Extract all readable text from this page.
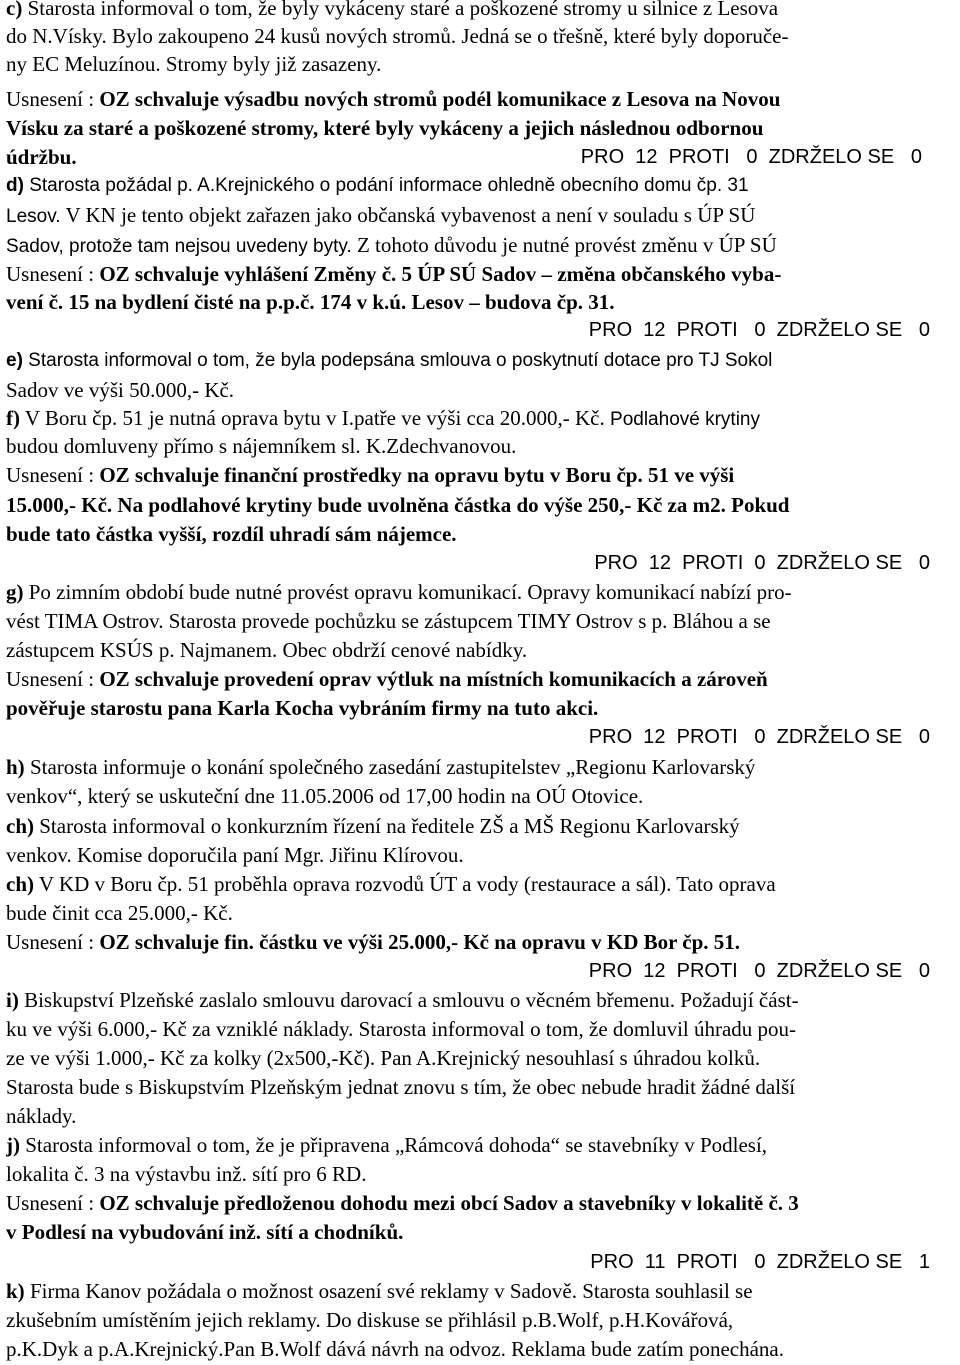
c) Starosta informoval o tom, že byly vykáceny staré a poškozené stromy u silnice z Lesova
do N.Vísky. Bylo zakoupeno 24 kusů nových stromů. Jedná se o třešně, které byly doporuče-
ny EC Meluzínou. Stromy byly již zasazeny.
Usnesení : OZ schvaluje výsadbu nových stromů podél komunikace z Lesova na Novou
Vísku za staré a poškozené stromy, které byly vykáceny a jejich následnou odbornou
údržbu.	PRO  12  PROTI   0  ZDRŽELO SE   0
d) Starosta požádal p. A.Krejnického o podání informace ohledně obecního domu čp. 31
Lesov. V KN je tento objekt zařazen jako občanská vybavenost a není v souladu s ÚP SÚ
Sadov, protože tam nejsou uvedeny byty. Z tohoto důvodu je nutné provést změnu v ÚP SÚ
Usnesení : OZ schvaluje vyhlášení Změny č. 5 ÚP SÚ Sadov – změna občanského vyba-
vení č. 15 na bydlení čisté na p.p.č. 174 v k.ú. Lesov – budova čp. 31.
PRO  12  PROTI   0  ZDRŽELO SE   0
e) Starosta informoval o tom, že byla podepsána smlouva o poskytnutí dotace pro TJ Sokol
Sadov ve výši 50.000,- Kč.
f) V Boru čp. 51 je nutná oprava bytu v I.patře ve výši cca 20.000,- Kč. Podlahové krytiny
budou domluveny přímo s nájemníkem sl. K.Zdechvanovou.
Usnesení : OZ schvaluje finanční prostředky na opravu bytu v Boru čp. 51 ve výši
15.000,- Kč. Na podlahové krytiny bude uvolněna částka do výše 250,- Kč za m2. Pokud
bude tato částka vyšší, rozdíl uhradí sám nájemce.
PRO  12  PROTI  0  ZDRŽELO SE   0
g) Po zimním období bude nutné provést opravu komunikací. Opravy komunikací nabízí pro-
vést TIMA Ostrov. Starosta provede pochůzku se zástupcem TIMY Ostrov s p. Bláhou a se
zástupcem KSÚS p. Najmanem. Obec obdrží cenové nabídky.
Usnesení : OZ schvaluje provedení oprav výtluk na místních komunikacích a zároveň
pověřuje starostu pana Karla Kocha vybráním firmy na tuto akci.
PRO  12  PROTI   0  ZDRŽELO SE   0
h) Starosta informuje o konání společného zasedání zastupitelstev „Regionu Karlovarský
venkov“, který se uskuteční dne 11.05.2006 od 17,00 hodin na OÚ Otovice.
ch) Starosta informoval o konkurzním řízení na ředitele ZŠ a MŠ Regionu Karlovarský
venkov. Komise doporučila paní Mgr. Jiřinu Klírovou.
ch) V KD v Boru čp. 51 proběhla oprava rozvodů ÚT a vody (restaurace a sál). Tato oprava
bude činit cca 25.000,- Kč.
Usnesení : OZ schvaluje fin. částku ve výši 25.000,- Kč na opravu v KD Bor čp. 51.
PRO  12  PROTI   0  ZDRŽELO SE   0
i) Biskupství Plzeňské zaslalo smlouvu darovací a smlouvu o věcném břemenu. Požadují část-
ku ve výši 6.000,- Kč za vzniklé náklady. Starosta informoval o tom, že domluvil úhradu pou-
ze ve výši 1.000,- Kč za kolky (2x500,-Kč). Pan A.Krejnický nesouhlasí s úhradou kolků.
Starosta bude s Biskupstvím Plzeňským jednat znovu s tím, že obec nebude hradit žádné další
náklady.
j) Starosta informoval o tom, že je připravena „Rámcová dohoda“ se stavebníky v Podlesí,
lokalita č. 3 na výstavbu inž. sítí pro 6 RD.
Usnesení : OZ schvaluje předloženou dohodu mezi obcí Sadov a stavebníky v lokalitě č. 3
v Podlesí na vybudování inž. sítí a chodníků.
PRO  11  PROTI   0  ZDRŽELO SE   1
k) Firma Kanov požádala o možnost osazení své reklamy v Sadově. Starosta souhlasil se
zkušebním umístěním jejich reklamy. Do diskuse se přihlásil p.B.Wolf, p.H.Kovářová,
p.K.Dyk a p.A.Krejnický.Pan B.Wolf dává návrh na odvoz. Reklama bude zatím ponechána.
